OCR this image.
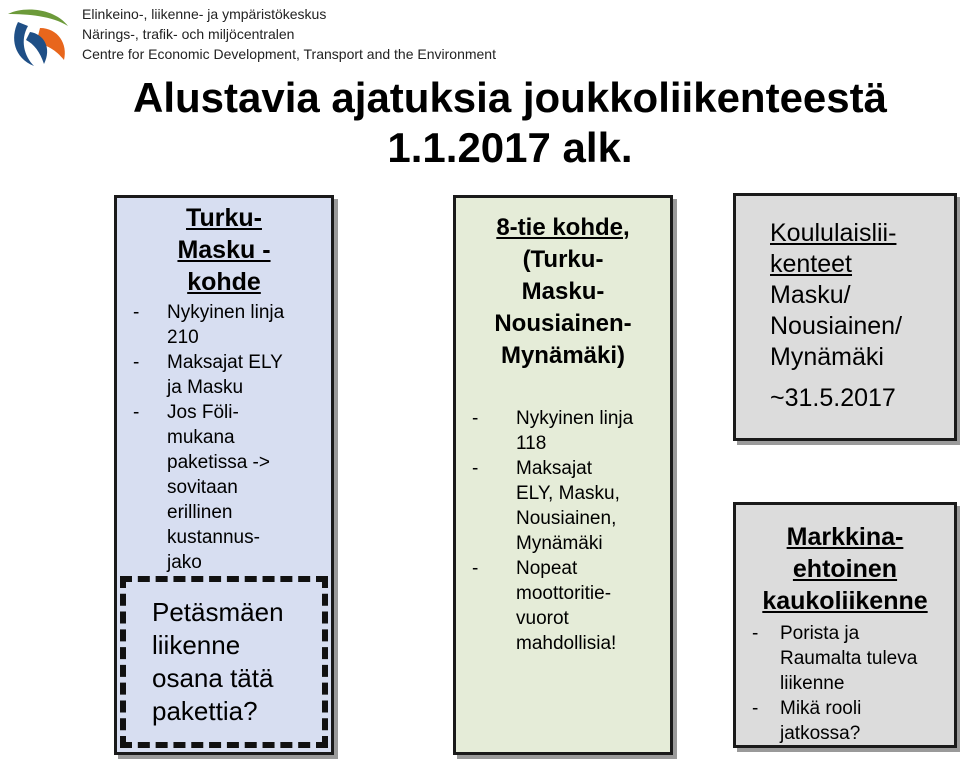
Elinkeino-, liikenne- ja ympäristökeskus
Närings-, trafik- och miljöcentralen
Centre for Economic Development, Transport and the Environment
Alustavia ajatuksia joukkoliikenteestä
1.1.2017 alk.
Turku-
Masku -
kohde
- Nykyinen linja
210
- Maksajat ELY
ja Masku
- Jos Föli-
mukana
paketissa ->
sovitaan
erillinen
kustannus-
jako
Petäsmäen
liikenne
osana tätä
pakettia?
8-tie kohde,
(Turku-
Masku-
Nousiainen-
Mynämäki)
- Nykyinen linja
118
- Maksajat
ELY, Masku,
Nousiainen,
Mynämäki
- Nopeat
moottoritie-
vuorot
mahdollisia!
Koululaislii-
kenteet
Masku/
Nousiainen/
Mynämäki
~31.5.2017
Markkina-
ehtoinen
kaukoliikenne
- Porista ja
Raumalta tuleva
liikenne
- Mikä rooli
jatkossa?
